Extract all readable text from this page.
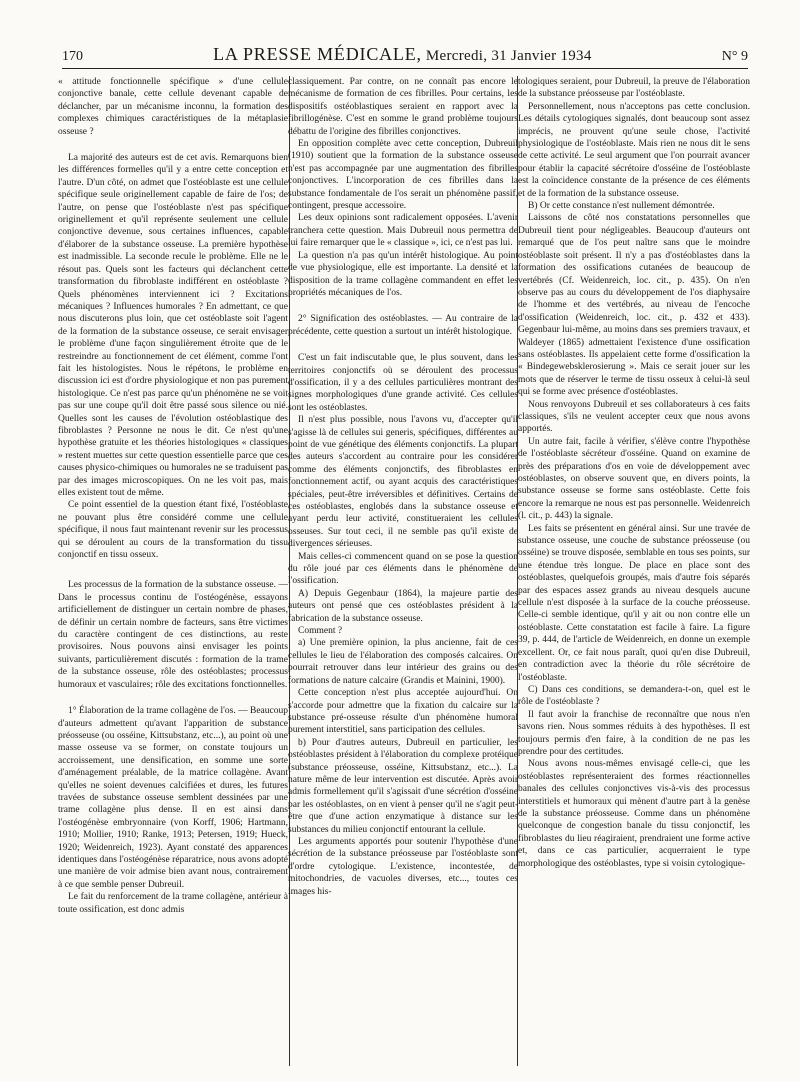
170	LA PRESSE MÉDICALE, Mercredi, 31 Janvier 1934	N° 9

« attitude fonctionnelle spécifique » d'une cellule conjonctive banale, cette cellule devenant capable de déclancher, par un mécanisme inconnu, la formation des complexes chimiques caractéristiques de la métaplasie osseuse ?

La majorité des auteurs est de cet avis. Remarquons bien les différences formelles qu'il y a entre cette conception et l'autre. D'un côté, on admet que l'ostéoblaste est une cellule spécifique seule originellement capable de faire de l'os; de l'autre, on pense que l'ostéoblaste n'est pas spécifique originellement et qu'il représente seulement une cellule conjonctive devenue, sous certaines influences, capable d'élaborer de la substance osseuse. La première hypothèse est inadmissible. La seconde recule le problème. Elle ne le résout pas. Quels sont les facteurs qui déclanchent cette transformation du fibroblaste indifférent en ostéoblaste ? Quels phénomènes interviennent ici ? Excitations mécaniques ? Influences humorales ? En admettant, ce que nous discuterons plus loin, que cet ostéoblaste soit l'agent de la formation de la substance osseuse, ce serait envisager le problème d'une façon singulièrement étroite que de le restreindre au fonctionnement de cet élément, comme l'ont fait les histologistes. Nous le répétons, le problème en discussion ici est d'ordre physiologique et non pas purement histologique. Ce n'est pas parce qu'un phénomène ne se voit pas sur une coupe qu'il doit être passé sous silence ou nié. Quelles sont les causes de l'évolution ostéoblastique des fibroblastes ? Personne ne nous le dit. Ce n'est qu'une hypothèse gratuite et les théories histologiques « classiques » restent muettes sur cette question essentielle parce que ces causes physico-chimiques ou humorales ne se traduisent pas par des images microscopiques. On ne les voit pas, mais elles existent tout de même.

Ce point essentiel de la question étant fixé, l'ostéoblaste ne pouvant plus être considéré comme une cellule spécifique, il nous faut maintenant revenir sur les processus qui se déroulent au cours de la transformation du tissu conjonctif en tissu osseux.

Les processus de la formation de la substance osseuse. — Dans le processus continu de l'ostéogénèse, essayons artificiellement de distinguer un certain nombre de phases, de définir un certain nombre de facteurs, sans être victimes du caractère contingent de ces distinctions, au reste provisoires. Nous pouvons ainsi envisager les points suivants, particulièrement discutés : formation de la trame de la substance osseuse, rôle des ostéoblastes; processus humoraux et vasculaires; rôle des excitations fonctionnelles.

1° Élaboration de la trame collagène de l'os. — Beaucoup d'auteurs admettent qu'avant l'apparition de substance préosseuse (ou osséine, Kittsubstanz, etc...), au point où une masse osseuse va se former, on constate toujours un accroissement, une densification, en somme une sorte d'aménagement préalable, de la matrice collagène. Avant qu'elles ne soient devenues calcifiées et dures, les futures travées de substance osseuse semblent dessinées par une trame collagène plus dense. Il en est ainsi dans l'ostéogénèse embryonnaire (von Korff, 1906; Hartmann, 1910; Mollier, 1910; Ranke, 1913; Petersen, 1919; Hueck, 1920; Weidenreich, 1923). Ayant constaté des apparences identiques dans l'ostéogénèse réparatrice, nous avons adopté une manière de voir admise bien avant nous, contrairement à ce que semble penser Dubreuil.

Le fait du renforcement de la trame collagène, antérieur à toute ossification, est donc admis

classiquement. Par contre, on ne connaît pas encore le mécanisme de formation de ces fibrilles. Pour certains, les dispositifs ostéoblastiques seraient en rapport avec la fibrillogénèse. C'est en somme le grand problème toujours débattu de l'origine des fibrilles conjonctives.

En opposition complète avec cette conception, Dubreuil (1910) soutient que la formation de la substance osseuse n'est pas accompagnée par une augmentation des fibrilles conjonctives. L'incorporation de ces fibrilles dans la substance fondamentale de l'os serait un phénomène passif, contingent, presque accessoire.

Les deux opinions sont radicalement opposées. L'avenir tranchera cette question. Mais Dubreuil nous permettra de lui faire remarquer que le « classique », ici, ce n'est pas lui.

La question n'a pas qu'un intérêt histologique. Au point de vue physiologique, elle est importante. La densité et la disposition de la trame collagène commandent en effet les propriétés mécaniques de l'os.

2° Signification des ostéoblastes. — Au contraire de la précédente, cette question a surtout un intérêt histologique.

C'est un fait indiscutable que, le plus souvent, dans les territoires conjonctifs où se déroulent des processus d'ossification, il y a des cellules particulières montrant des signes morphologiques d'une grande activité. Ces cellules sont les ostéoblastes.

Il n'est plus possible, nous l'avons vu, d'accepter qu'il s'agisse là de cellules sui generis, spécifiques, différentes au point de vue génétique des éléments conjonctifs. La plupart des auteurs s'accordent au contraire pour les considérer comme des éléments conjonctifs, des fibroblastes en fonctionnement actif, ou ayant acquis des caractéristiques spéciales, peut-être irréversibles et définitives. Certains de ces ostéoblastes, englobés dans la substance osseuse et ayant perdu leur activité, constitueraient les cellules osseuses. Sur tout ceci, il ne semble pas qu'il existe de divergences sérieuses.

Mais celles-ci commencent quand on se pose la question du rôle joué par ces éléments dans le phénomène de l'ossification.

A) Depuis Gegenbaur (1864), la majeure partie des auteurs ont pensé que ces ostéoblastes président à la fabrication de la substance osseuse.

Comment ?

a) Une première opinion, la plus ancienne, fait de ces cellules le lieu de l'élaboration des composés calcaires. On pourrait retrouver dans leur intérieur des grains ou des formations de nature calcaire (Grandis et Mainini, 1900).

Cette conception n'est plus acceptée aujourd'hui. On s'accorde pour admettre que la fixation du calcaire sur la substance pré-osseuse résulte d'un phénomène humoral purement interstitiel, sans participation des cellules.

b) Pour d'autres auteurs, Dubreuil en particulier, les ostéoblastes président à l'élaboration du complexe protéique (substance préosseuse, osséine, Kittsubstanz, etc...). La nature même de leur intervention est discutée. Après avoir admis formellement qu'il s'agissait d'une sécrétion d'osséine par les ostéoblastes, on en vient à penser qu'il ne s'agit peut-être que d'une action enzymatique à distance sur les substances du milieu conjonctif entourant la cellule.

Les arguments apportés pour soutenir l'hypothèse d'une sécrétion de la substance préosseuse par l'ostéoblaste sont d'ordre cytologique. L'existence, incontestée, de mitochondries, de vacuoles diverses, etc..., toutes ces images his-

tologiques seraient, pour Dubreuil, la preuve de l'élaboration de la substance préosseuse par l'ostéoblaste.

Personnellement, nous n'acceptons pas cette conclusion. Les détails cytologiques signalés, dont beaucoup sont assez imprécis, ne prouvent qu'une seule chose, l'activité physiologique de l'ostéoblaste. Mais rien ne nous dit le sens de cette activité. Le seul argument que l'on pourrait avancer pour établir la capacité sécrétoire d'osséine de l'ostéoblaste est la coïncidence constante de la présence de ces éléments et de la formation de la substance osseuse.

B) Or cette constance n'est nullement démontrée.

Laissons de côté nos constatations personnelles que Dubreuil tient pour négligeables. Beaucoup d'auteurs ont remarqué que de l'os peut naître sans que le moindre ostéoblaste soit présent. Il n'y a pas d'ostéoblastes dans la formation des ossifications cutanées de beaucoup de vertébrés (Cf. Weidenreich, loc. cit., p. 435). On n'en observe pas au cours du développement de l'os diaphysaire de l'homme et des vertébrés, au niveau de l'encoche d'ossification (Weidenreich, loc. cit., p. 432 et 433). Gegenbaur lui-même, au moins dans ses premiers travaux, et Waldeyer (1865) admettaient l'existence d'une ossification sans ostéoblastes. Ils appelaient cette forme d'ossification la « Bindegewebsklerosierung ». Mais ce serait jouer sur les mots que de réserver le terme de tissu osseux à celui-là seul qui se forme avec présence d'ostéoblastes.

Nous renvoyons Dubreuil et ses collaborateurs à ces faits classiques, s'ils ne veulent accepter ceux que nous avons apportés.

Un autre fait, facile à vérifier, s'élève contre l'hypothèse de l'ostéoblaste sécréteur d'osséine. Quand on examine de près des préparations d'os en voie de développement avec ostéoblastes, on observe souvent que, en divers points, la substance osseuse se forme sans ostéoblaste. Cette fois encore la remarque ne nous est pas personnelle. Weidenreich (l. cit., p. 443) la signale.

Les faits se présentent en général ainsi. Sur une travée de substance osseuse, une couche de substance préosseuse (ou osséine) se trouve disposée, semblable en tous ses points, sur une étendue très longue. De place en place sont des ostéoblastes, quelquefois groupés, mais d'autre fois séparés par des espaces assez grands au niveau desquels aucune cellule n'est disposée à la surface de la couche préosseuse. Celle-ci semble identique, qu'il y ait ou non contre elle un ostéoblaste. Cette constatation est facile à faire. La figure 39, p. 444, de l'article de Weidenreich, en donne un exemple excellent. Or, ce fait nous paraît, quoi qu'en dise Dubreuil, en contradiction avec la théorie du rôle sécrétoire de l'ostéoblaste.

C) Dans ces conditions, se demandera-t-on, quel est le rôle de l'ostéoblaste ?

Il faut avoir la franchise de reconnaître que nous n'en savons rien. Nous sommes réduits à des hypothèses. Il est toujours permis d'en faire, à la condition de ne pas les prendre pour des certitudes.

Nous avons nous-mêmes envisagé celle-ci, que les ostéoblastes représenteraient des formes réactionnelles banales des cellules conjonctives vis-à-vis des processus interstitiels et humoraux qui mènent d'autre part à la genèse de la substance préosseuse. Comme dans un phénomène quelconque de congestion banale du tissu conjonctif, les fibroblastes du lieu réagiraient, prendraient une forme active et, dans ce cas particulier, acquerraient le type morphologique des ostéoblastes, type si voisin cytologique-
